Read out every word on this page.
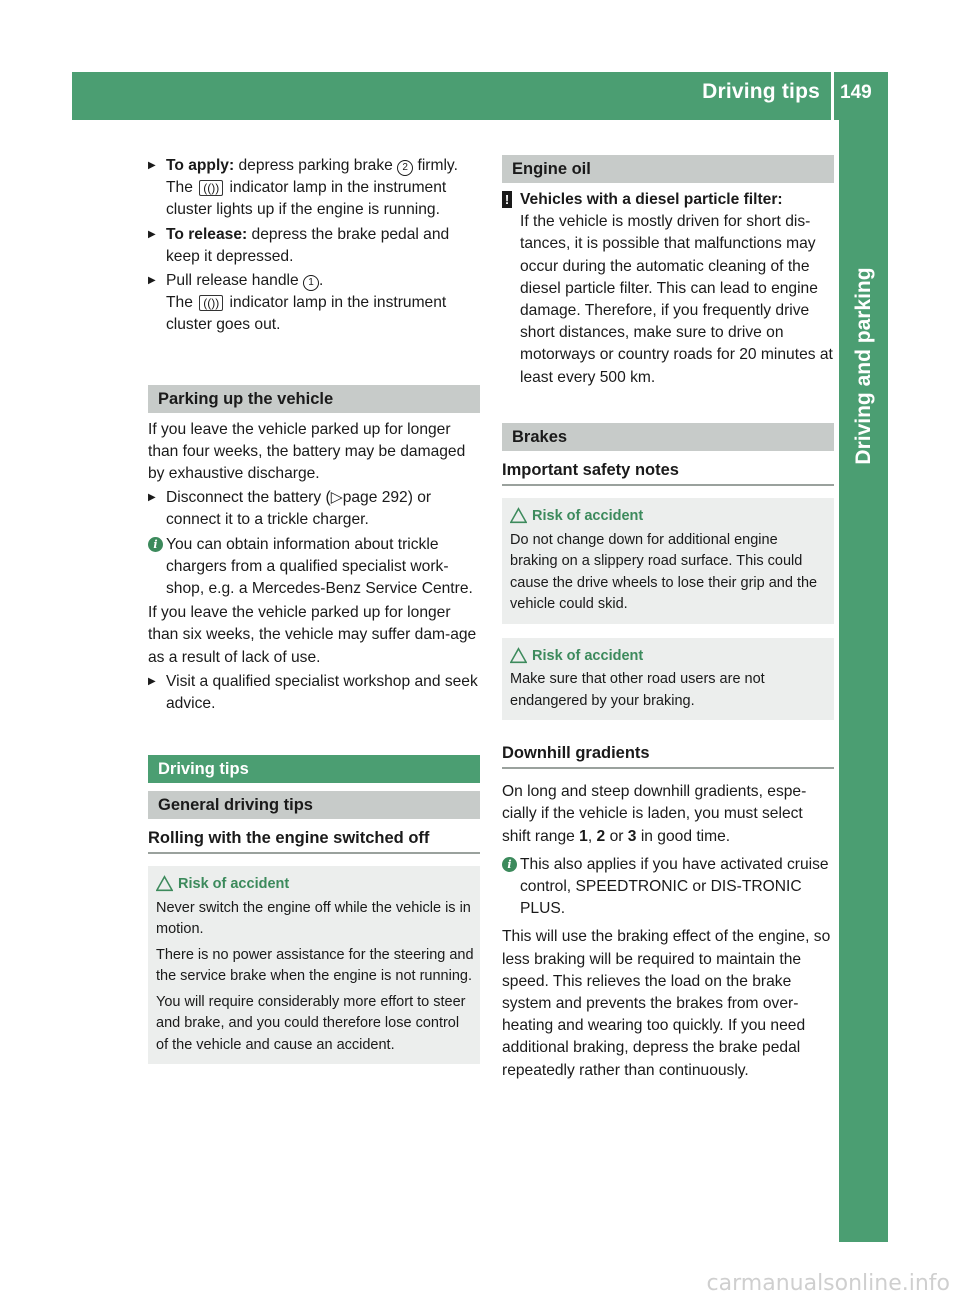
Driving tips 149
Driving and parking

▶ To apply: depress parking brake 2 firmly.
The (()) indicator lamp in the instrument cluster lights up if the engine is running.

▶ To release: depress the brake pedal and keep it depressed.

▶ Pull release handle 1 .
The (()) indicator lamp in the instrument cluster goes out.

Parking up the vehicle

If you leave the vehicle parked up for longer than four weeks, the battery may be damaged by exhaustive discharge.

▶ Disconnect the battery (▷page 292) or connect it to a trickle charger.

i You can obtain information about trickle chargers from a qualified specialist work-shop, e.g. a Mercedes-Benz Service Centre.

If you leave the vehicle parked up for longer than six weeks, the vehicle may suffer dam-age as a result of lack of use.

▶ Visit a qualified specialist workshop and seek advice.

Driving tips
General driving tips
Rolling with the engine switched off
Risk of accident

Never switch the engine off while the vehicle is in motion.

There is no power assistance for the steering and the service brake when the engine is not running.

You will require considerably more effort to steer and brake, and you could therefore lose control of the vehicle and cause an accident.

Engine oil

! Vehicles with a diesel particle filter:

If the vehicle is mostly driven for short dis-tances, it is possible that malfunctions may occur during the automatic cleaning of the diesel particle filter. This can lead to engine damage. Therefore, if you frequently drive short distances, make sure to drive on motorways or country roads for 20 minutes at least every 500 km.

Brakes
Important safety notes
Risk of accident

Do not change down for additional engine braking on a slippery road surface. This could cause the drive wheels to lose their grip and the vehicle could skid.

Risk of accident

Make sure that other road users are not endangered by your braking.

Downhill gradients

On long and steep downhill gradients, espe-cially if the vehicle is laden, you must select shift range 1, 2 or 3 in good time.

i This also applies if you have activated cruise control, SPEEDTRONIC or DIS-TRONIC PLUS.

This will use the braking effect of the engine, so less braking will be required to maintain the speed. This relieves the load on the brake system and prevents the brakes from over-heating and wearing too quickly. If you need additional braking, depress the brake pedal repeatedly rather than continuously.

carmanualsonline.info
